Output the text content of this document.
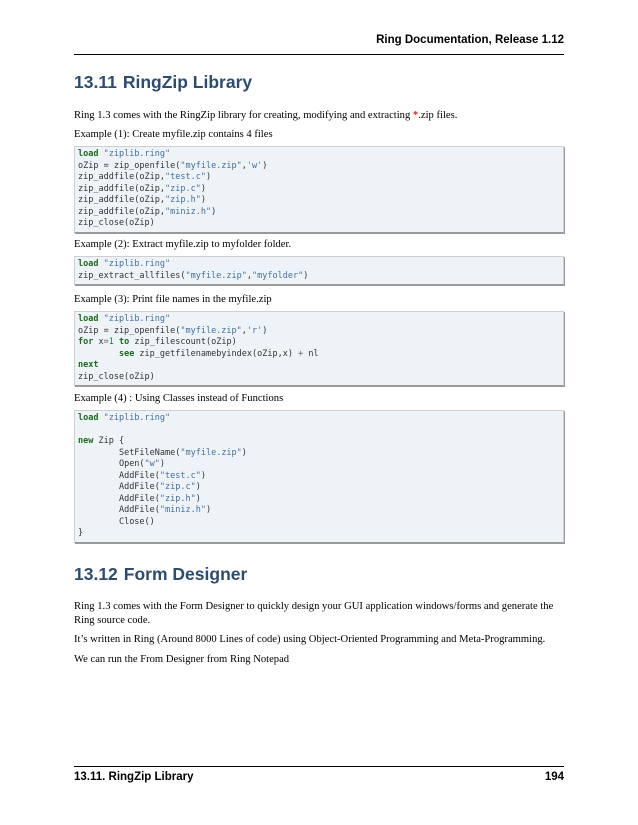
Ring Documentation, Release 1.12
13.11 RingZip Library

Ring 1.3 comes with the RingZip library for creating, modifying and extracting *.zip files.

Example (1): Create myfile.zip contains 4 files

load "ziplib.ring"
oZip = zip_openfile("myfile.zip",'w')
zip_addfile(oZip,"test.c")
zip_addfile(oZip,"zip.c")
zip_addfile(oZip,"zip.h")
zip_addfile(oZip,"miniz.h")
zip_close(oZip)

Example (2): Extract myfile.zip to myfolder folder.

load "ziplib.ring"
zip_extract_allfiles("myfile.zip","myfolder")

Example (3): Print file names in the myfile.zip

load "ziplib.ring"
oZip = zip_openfile("myfile.zip",'r')
for x=1 to zip_filescount(oZip)
see zip_getfilenamebyindex(oZip,x) + nl
next
zip_close(oZip)

Example (4) : Using Classes instead of Functions

load "ziplib.ring"

new Zip {
SetFileName("myfile.zip")
Open("w")
AddFile("test.c")
AddFile("zip.c")
AddFile("zip.h")
AddFile("miniz.h")
Close()
}
13.12 Form Designer

Ring 1.3 comes with the Form Designer to quickly design your GUI application windows/forms and generate the Ring source code.

It’s written in Ring (Around 8000 Lines of code) using Object-Oriented Programming and Meta-Programming.

We can run the From Designer from Ring Notepad

13.11. RingZip Library	194
